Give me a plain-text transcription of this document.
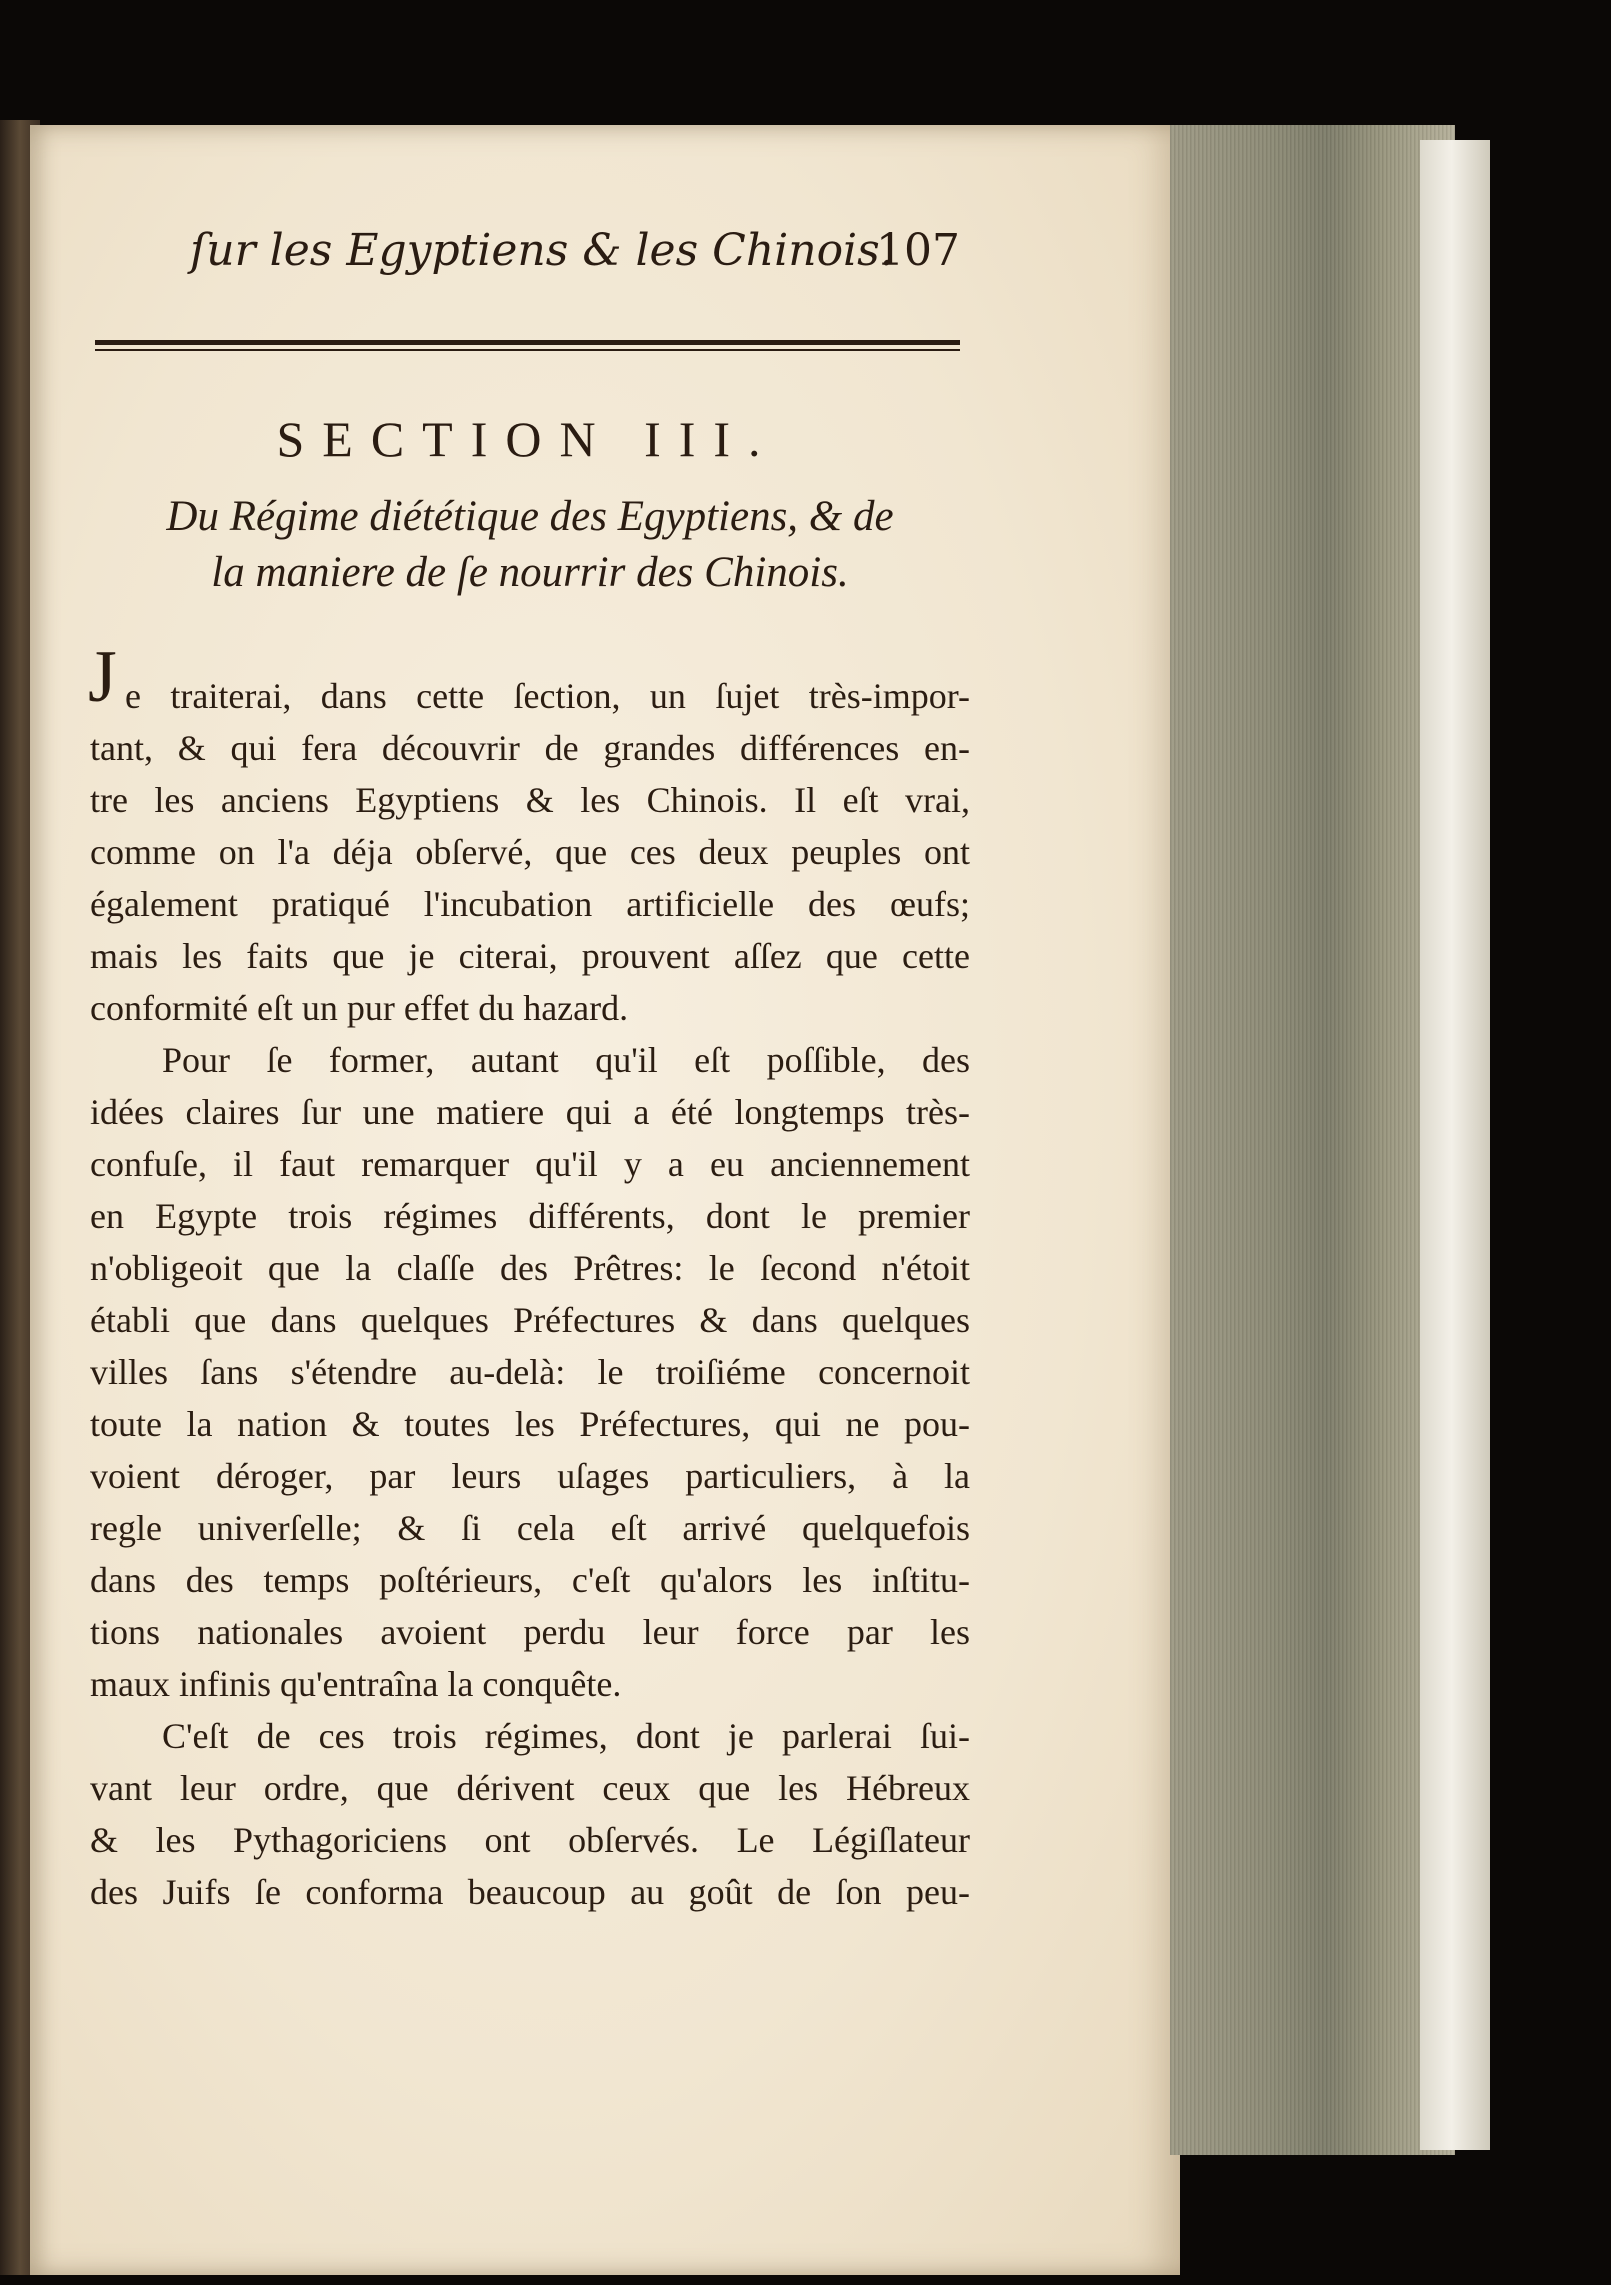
ſur les Egyptiens & les Chinois.
107
SECTION III.
Du Régime diététique des Egyptiens, & de
la maniere de ſe nourrir des Chinois.
J e traiterai, dans cette ſection, un ſujet très-impor-
tant, & qui fera découvrir de grandes différences en-
tre les anciens Egyptiens & les Chinois. Il eſt vrai,
comme on l'a déja obſervé, que ces deux peuples ont
également pratiqué l'incubation artificielle des œufs;
mais les faits que je citerai, prouvent aſſez que cette
conformité eſt un pur effet du hazard.
Pour ſe former, autant qu'il eſt poſſible, des
idées claires ſur une matiere qui a été longtemps très-
confuſe, il faut remarquer qu'il y a eu anciennement
en Egypte trois régimes différents, dont le premier
n'obligeoit que la claſſe des Prêtres: le ſecond n'étoit
établi que dans quelques Préfectures & dans quelques
villes ſans s'étendre au-delà: le troiſiéme concernoit
toute la nation & toutes les Préfectures, qui ne pou-
voient déroger, par leurs uſages particuliers, à la
regle univerſelle; & ſi cela eſt arrivé quelquefois
dans des temps poſtérieurs, c'eſt qu'alors les inſtitu-
tions nationales avoient perdu leur force par les
maux infinis qu'entraîna la conquête.
C'eſt de ces trois régimes, dont je parlerai ſui-
vant leur ordre, que dérivent ceux que les Hébreux
& les Pythagoriciens ont obſervés. Le Légiſlateur
des Juifs ſe conforma beaucoup au goût de ſon peu-
